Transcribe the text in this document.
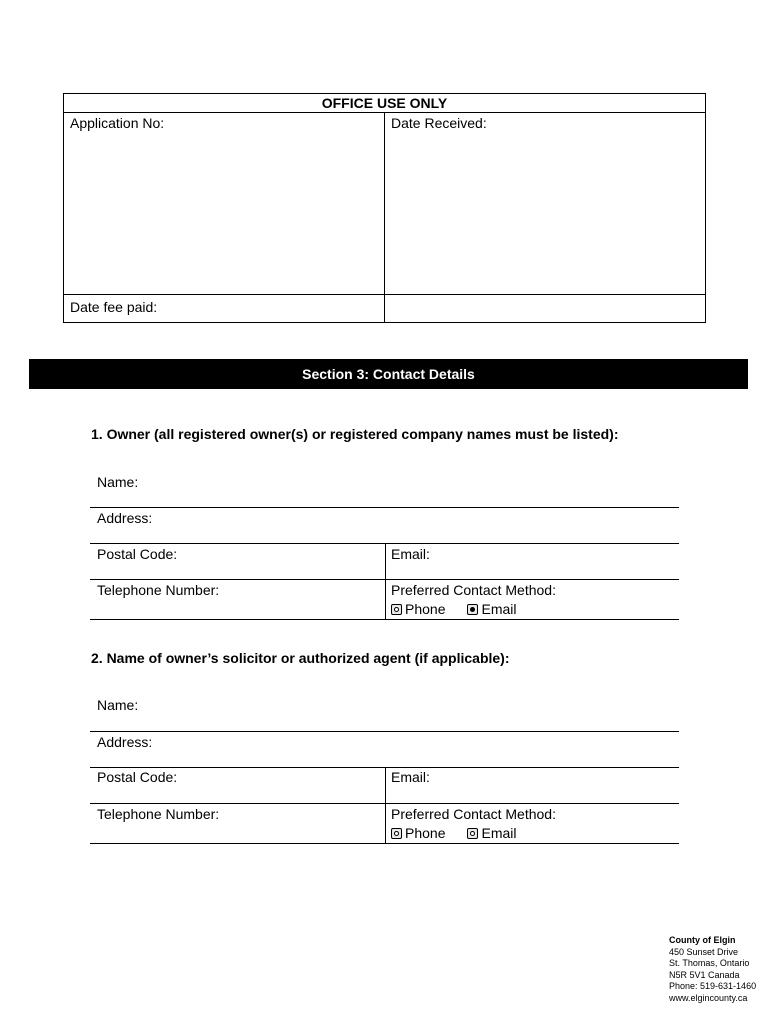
OFFICE USE ONLY
Application No:	Date Received:
Date fee paid:
Section 3: Contact Details
1. Owner (all registered owner(s) or registered company names must be listed):
Name:
Address:
Postal Code:	Email:
Telephone Number:	Preferred Contact Method:
Phone	Email
2. Name of owner’s solicitor or authorized agent (if applicable):
Name:
Address:
Postal Code:	Email:
Telephone Number:	Preferred Contact Method:
Phone	Email
County of Elgin
450 Sunset Drive
St. Thomas, Ontario
N5R 5V1 Canada
Phone: 519-631-1460
www.elgincounty.ca
